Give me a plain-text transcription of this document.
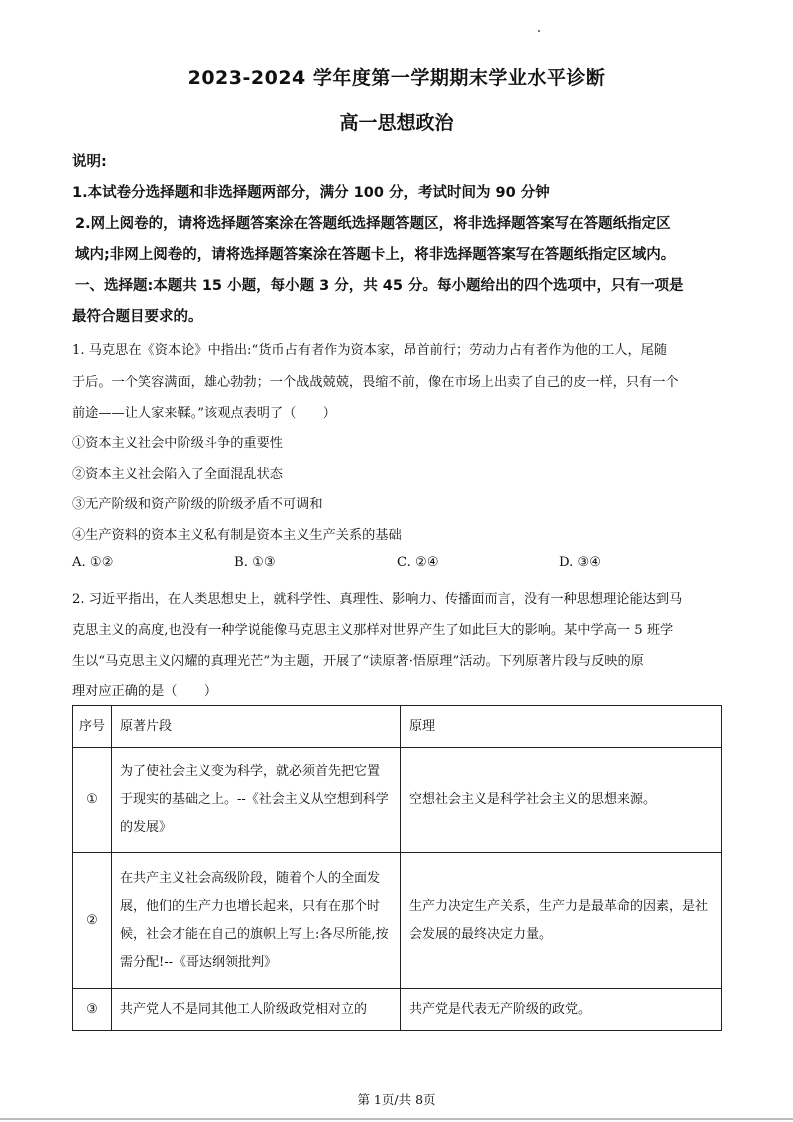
2023-2024 学年度第一学期期末学业水平诊断
高一思想政治
说明:
1.本试卷分选择题和非选择题两部分，满分 100 分，考试时间为 90 分钟
2.网上阅卷的，请将选择题答案涂在答题纸选择题答题区，将非选择题答案写在答题纸指定区
域内;非网上阅卷的，请将选择题答案涂在答题卡上，将非选择题答案写在答题纸指定区域内。
一、选择题:本题共 15 小题，每小题 3 分，共 45 分。每小题给出的四个选项中，只有一项是
最符合题目要求的。
1. 马克思在《资本论》中指出:“货币占有者作为资本家，昂首前行；劳动力占有者作为他的工人，尾随
于后。一个笑容满面，雄心勃勃；一个战战兢兢，畏缩不前，像在市场上出卖了自己的皮一样，只有一个
前途——让人家来鞣。”该观点表明了（　　）
①资本主义社会中阶级斗争的重要性
②资本主义社会陷入了全面混乱状态
③无产阶级和资产阶级的阶级矛盾不可调和
④生产资料的资本主义私有制是资本主义生产关系的基础
A. ①②	B. ①③	C. ②④	D. ③④
2. 习近平指出，在人类思想史上，就科学性、真理性、影响力、传播面而言，没有一种思想理论能达到马
克思主义的高度,也没有一种学说能像马克思主义那样对世界产生了如此巨大的影响。某中学高一 5 班学
生以“马克思主义闪耀的真理光芒”为主题，开展了“读原著·悟原理”活动。下列原著片段与反映的原
理对应正确的是（　　）
序号	原著片段	原理
①	为了使社会主义变为科学，就必须首先把它置于现实的基础之上。--《社会主义从空想到科学的发展》	空想社会主义是科学社会主义的思想来源。
②	在共产主义社会高级阶段，随着个人的全面发展，他们的生产力也增长起来，只有在那个时候，社会才能在自己的旗帜上写上:各尽所能,按需分配!--《哥达纲领批判》	生产力决定生产关系，生产力是最革命的因素，是社会发展的最终决定力量。
③	共产党人不是同其他工人阶级政党相对立的	共产党是代表无产阶级的政党。
第 1页/共 8页
